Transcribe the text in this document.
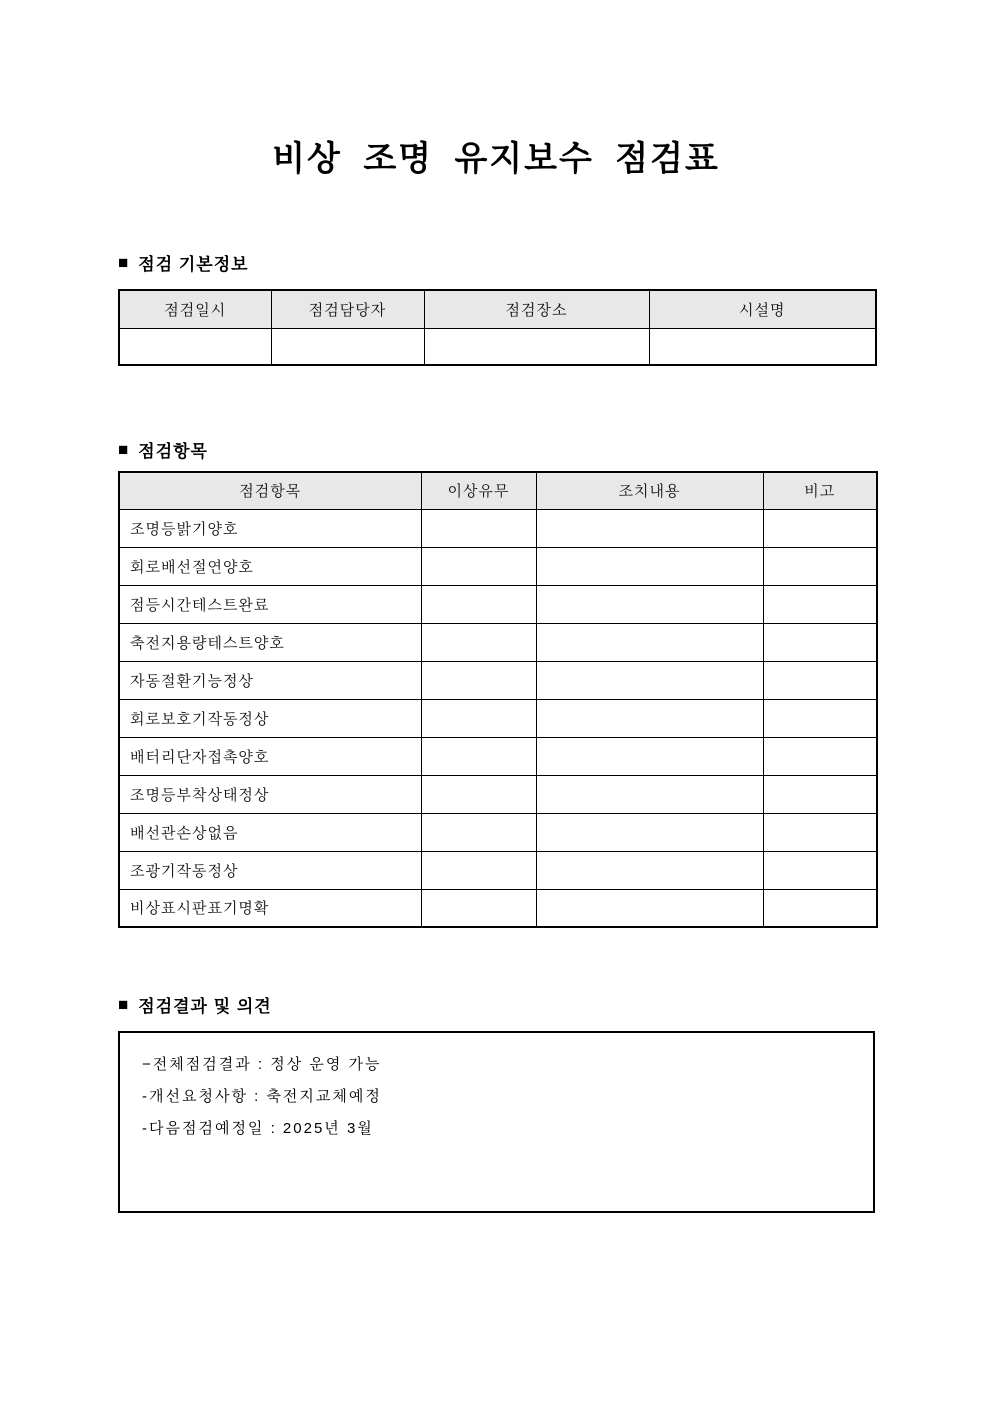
비상 조명 유지보수 점검표
■ 점검 기본정보
점검일시	점검담당자	점검장소	시설명

■ 점검항목
점검항목	이상유무	조치내용	비고
조명등밝기양호			
회로배선절연양호			
점등시간테스트완료			
축전지용량테스트양호			
자동절환기능정상			
회로보호기작동정상			
배터리단자접촉양호			
조명등부착상태정상			
배선관손상없음			
조광기작동정상			
비상표시판표기명확			
■ 점검결과 및 의견
−전체점검결과 : 정상 운영 가능
-개선요청사항 : 축전지교체예정
-다음점검예정일 : 2025년 3월
